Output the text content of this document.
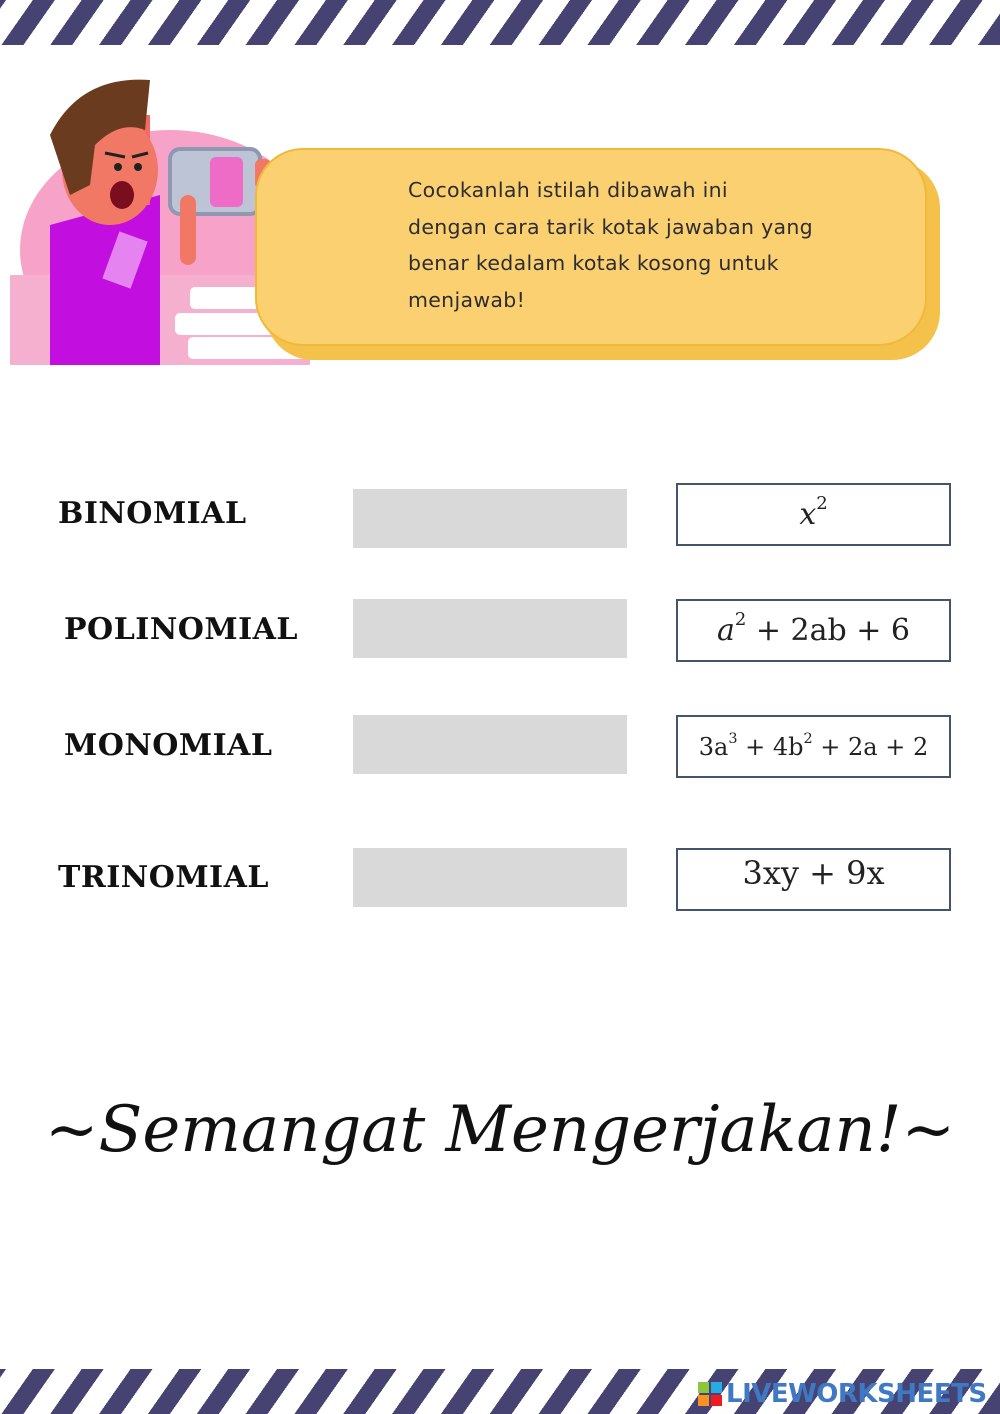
Cocokanlah istilah dibawah ini
dengan cara tarik kotak jawaban yang
benar kedalam kotak kosong untuk
menjawab!
BINOMIAL	$x^2$
POLINOMIAL	$a^2 + 2ab + 6$
MONOMIAL	$3a^3 + 4b^2 + 2a + 2$
TRINOMIAL	3xy + 9x
~Semangat Mengerjakan!~
LIVEWORKSHEETS
